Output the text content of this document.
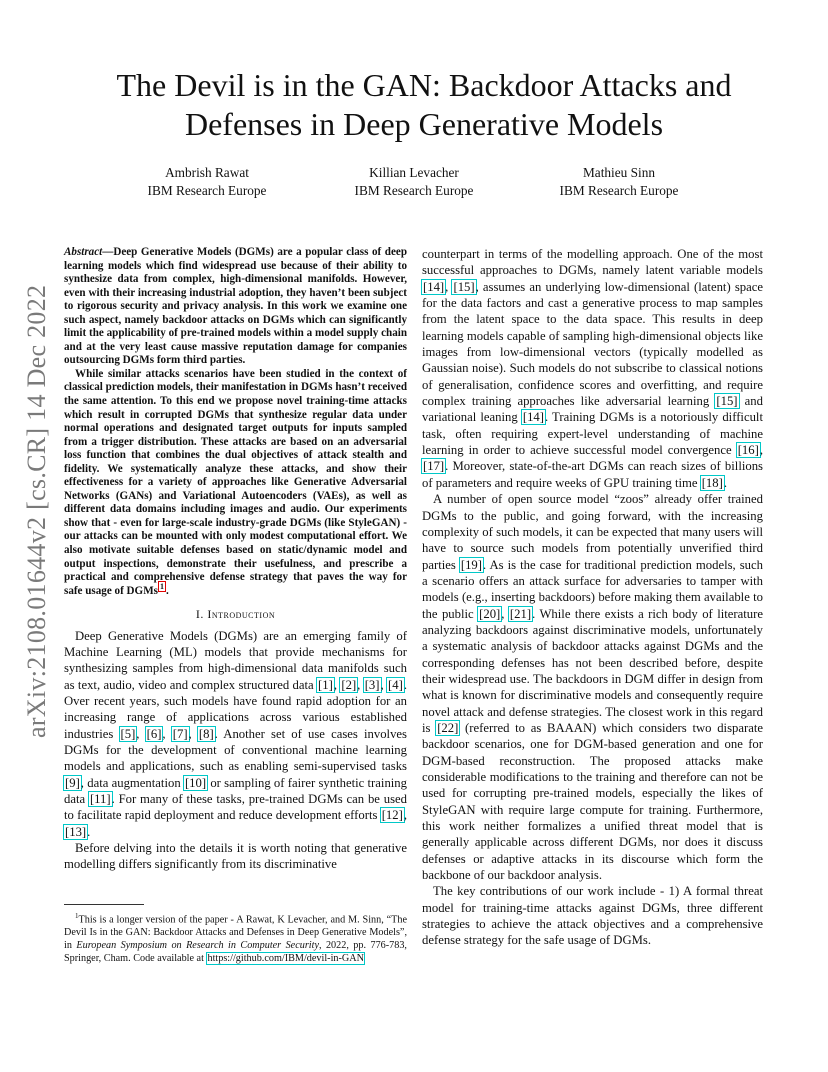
arXiv:2108.01644v2 [cs.CR] 14 Dec 2022
The Devil is in the GAN: Backdoor Attacks and Defenses in Deep Generative Models
Ambrish Rawat
IBM Research Europe
Killian Levacher
IBM Research Europe
Mathieu Sinn
IBM Research Europe

Abstract—Deep Generative Models (DGMs) are a popular class of deep learning models which find widespread use because of their ability to synthesize data from complex, high-dimensional manifolds. However, even with their increasing industrial adoption, they haven’t been subject to rigorous security and privacy analysis. In this work we examine one such aspect, namely backdoor attacks on DGMs which can significantly limit the applicability of pre-trained models within a model supply chain and at the very least cause massive reputation damage for companies outsourcing DGMs form third parties.

While similar attacks scenarios have been studied in the context of classical prediction models, their manifestation in DGMs hasn’t received the same attention. To this end we propose novel training-time attacks which result in corrupted DGMs that synthesize regular data under normal operations and designated target outputs for inputs sampled from a trigger distribution. These attacks are based on an adversarial loss function that combines the dual objectives of attack stealth and fidelity. We systematically analyze these attacks, and show their effectiveness for a variety of approaches like Generative Adversarial Networks (GANs) and Variational Autoencoders (VAEs), as well as different data domains including images and audio. Our experiments show that - even for large-scale industry-grade DGMs (like StyleGAN) - our attacks can be mounted with only modest computational effort. We also motivate suitable defenses based on static/dynamic model and output inspections, demonstrate their usefulness, and prescribe a practical and comprehensive defense strategy that paves the way for safe usage of DGMs $^1$ .

I. Introduction

Deep Generative Models (DGMs) are an emerging family of Machine Learning (ML) models that provide mechanisms for synthesizing samples from high-dimensional data manifolds such as text, audio, video and complex structured data [1], [2], [3], [4]. Over recent years, such models have found rapid adoption for an increasing range of applications across various established industries [5], [6], [7], [8]. Another set of use cases involves DGMs for the development of conventional machine learning models and applications, such as enabling semi-supervised tasks [9], data augmentation [10] or sampling of fairer synthetic training data [11]. For many of these tasks, pre-trained DGMs can be used to facilitate rapid deployment and reduce development efforts [12], [13].

Before delving into the details it is worth noting that generative modelling differs significantly from its discriminative

$^1$This is a longer version of the paper - A Rawat, K Levacher, and M. Sinn, “The Devil Is in the GAN: Backdoor Attacks and Defenses in Deep Generative Models”, in European Symposium on Research in Computer Security, 2022, pp. 776-783, Springer, Cham. Code available at https://github.com/IBM/devil-in-GAN

counterpart in terms of the modelling approach. One of the most successful approaches to DGMs, namely latent variable models [14], [15], assumes an underlying low-dimensional (latent) space for the data factors and cast a generative process to map samples from the latent space to the data space. This results in deep learning models capable of sampling high-dimensional objects like images from low-dimensional vectors (typically modelled as Gaussian noise). Such models do not subscribe to classical notions of generalisation, confidence scores and overfitting, and require complex training approaches like adversarial learning [15] and variational leaning [14]. Training DGMs is a notoriously difficult task, often requiring expert-level understanding of machine learning in order to achieve successful model convergence [16], [17]. Moreover, state-of-the-art DGMs can reach sizes of billions of parameters and require weeks of GPU training time [18].

A number of open source model “zoos” already offer trained DGMs to the public, and going forward, with the increasing complexity of such models, it can be expected that many users will have to source such models from potentially unverified third parties [19]. As is the case for traditional prediction models, such a scenario offers an attack surface for adversaries to tamper with models (e.g., inserting backdoors) before making them available to the public [20], [21]. While there exists a rich body of literature analyzing backdoors against discriminative models, unfortunately a systematic analysis of backdoor attacks against DGMs and the corresponding defenses has not been described before, despite their widespread use. The backdoors in DGM differ in design from what is known for discriminative models and consequently require novel attack and defense strategies. The closest work in this regard is [22] (referred to as BAAAN) which considers two disparate backdoor scenarios, one for DGM-based generation and one for DGM-based reconstruction. The proposed attacks make considerable modifications to the training and therefore can not be used for corrupting pre-trained models, especially the likes of StyleGAN with require large compute for training. Furthermore, this work neither formalizes a unified threat model that is generally applicable across different DGMs, nor does it discuss defenses or adaptive attacks in its discourse which form the backbone of our backdoor analysis.

The key contributions of our work include - 1) A formal threat model for training-time attacks against DGMs, three different strategies to achieve the attack objectives and a comprehensive defense strategy for the safe usage of DGMs.
